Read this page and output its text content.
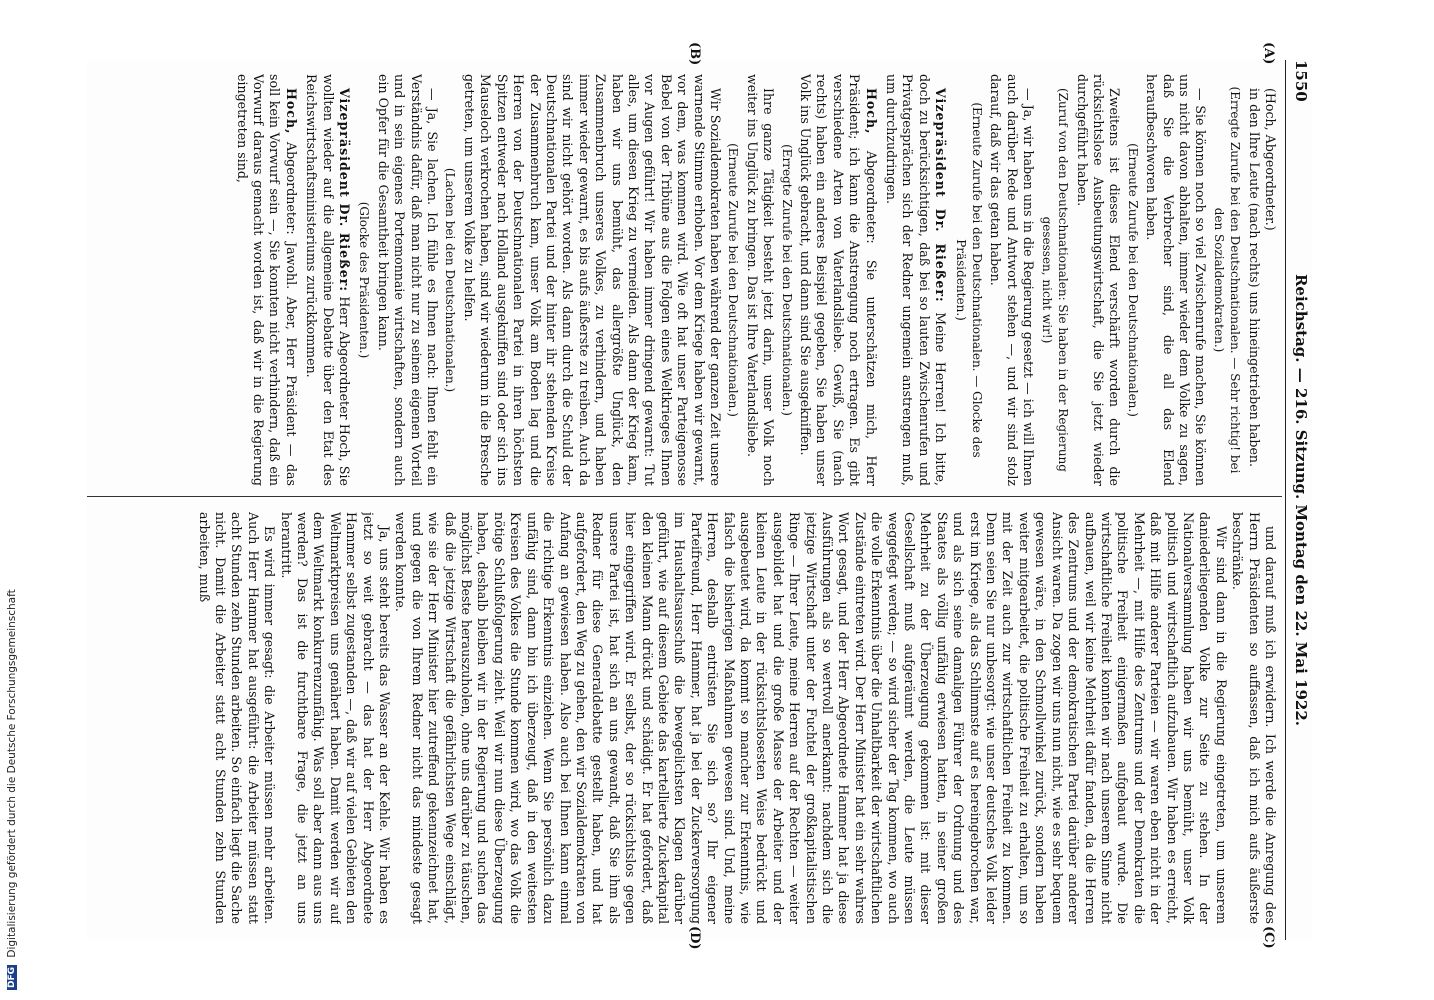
1550
Reichstag. — 216. Sitzung. Montag den 22. Mai 1922.
(A)
(B)
(C)
(D)

(Hoch, Abgeordneter.)

in den Ihre Leute (nach rechts) uns hineingetrieben haben.

(Erregte Zurufe bei den Deutschnationalen. — Sehr richtig! bei den Sozialdemokraten.)

— Sie können noch so viel Zwischenrufe machen, Sie können uns nicht davon abhalten, immer wieder dem Volke zu sagen, daß Sie die Verbrecher sind, die all das Elend heraufbeschworen haben.

(Erneute Zurufe bei den Deutschnationalen.)

Zweitens ist dieses Elend verschärft worden durch die rücksichtslose Ausbeutungswirtschaft, die Sie jetzt wieder durchgeführt haben.

(Zuruf von den Deutschnationalen: Sie haben in der Regierung gesessen, nicht wir!)

— Ja, wir haben uns in die Regierung gesetzt — ich will Ihnen auch darüber Rede und Antwort stehen —, und wir sind stolz darauf, daß wir das getan haben.

(Erneute Zurufe bei den Deutschnationalen. — Glocke des Präsidenten.)

Vizepräsident Dr. Rießer: Meine Herren! Ich bitte, doch zu berücksichtigen, daß bei so lauten Zwischenrufen und Privatgesprächen sich der Redner ungemein anstrengen muß, um durchzudringen.

Hoch, Abgeordneter: Sie unterschätzen mich, Herr Präsident; ich kann die Anstrengung noch ertragen. Es gibt verschiedene Arten von Vaterlandsliebe. Gewiß, Sie (nach rechts) haben ein anderes Beispiel gegeben, Sie haben unser Volk ins Unglück gebracht, und dann sind Sie ausgekniffen.

(Erregte Zurufe bei den Deutschnationalen.)

Ihre ganze Tätigkeit besteht jetzt darin, unser Volk noch weiter ins Unglück zu bringen. Das ist Ihre Vaterlandsliebe.

(Erneute Zurufe bei den Deutschnationalen.)

Wir Sozialdemokraten haben während der ganzen Zeit unsere warnende Stimme erhoben. Vor dem Kriege haben wir gewarnt, vor dem, was kommen wird. Wie oft hat unser Parteigenosse Bebel von der Tribüne aus die Folgen eines Weltkrieges Ihnen vor Augen geführt! Wir haben immer dringend gewarnt: Tut alles, um diesen Krieg zu vermeiden. Als dann der Krieg kam, haben wir uns bemüht, das allergrößte Unglück, den Zusammenbruch unseres Volkes, zu verhindern, und haben immer wieder gewarnt, es bis aufs äußerste zu treiben. Auch da sind wir nicht gehört worden. Als dann durch die Schuld der Deutschnationalen Partei und der hinter ihr stehenden Kreise der Zusammenbruch kam, unser Volk am Boden lag und die Herren von der Deutschnationalen Partei in ihren höchsten Spitzen entweder nach Holland ausgekniffen sind oder sich ins Mauseloch verkrochen haben, sind wir wiederum in die Bresche getreten, um unserem Volke zu helfen.

(Lachen bei den Deutschnationalen.)

— Ja, Sie lachen. Ich fühle es Ihnen nach: Ihnen fehlt ein Verständnis dafür, daß man nicht nur zu seinem eigenen Vorteil und in sein eigenes Portemonnaie wirtschaften, sondern auch ein Opfer für die Gesamtheit bringen kann.

(Glocke des Präsidenten.)

Vizepräsident Dr. Rießer: Herr Abgeordneter Hoch, Sie wollten wieder auf die allgemeine Debatte über den Etat des Reichswirtschaftsministeriums zurückkommen.

Hoch, Abgeordneter: Jawohl. Aber, Herr Präsident — das soll kein Vorwurf sein —, Sie konnten nicht verhindern, daß ein Vorwurf daraus gemacht worden ist, daß wir in die Regierung eingetreten sind,

und darauf muß ich erwidern. Ich werde die Anregung des Herrn Präsidenten so auffassen, daß ich mich aufs äußerste beschränke.

Wir sind dann in die Regierung eingetreten, um unserem daniederliegenden Volke zur Seite zu stehen. In der Nationalversammlung haben wir uns bemüht, unser Volk politisch und wirtschaftlich aufzubauen. Wir haben es erreicht, daß mit Hilfe anderer Parteien — wir waren eben nicht in der Mehrheit —, mit Hilfe des Zentrums und der Demokraten die politische Freiheit einigermaßen aufgebaut wurde. Die wirtschaftliche Freiheit konnten wir nach unserem Sinne nicht aufbauen, weil wir keine Mehrheit dafür fanden, da die Herren des Zentrums und der demokratischen Partei darüber anderer Ansicht waren. Da zogen wir uns nun nicht, wie es sehr bequem gewesen wäre, in den Schmollwinkel zurück, sondern haben weiter mitgearbeitet, die politische Freiheit zu erhalten, um so mit der Zeit auch zur wirtschaftlichen Freiheit zu kommen. Denn seien Sie nur unbesorgt: wie unser deutsches Volk leider erst im Kriege, als das Schlimmste auf es hereingebrochen war, und als sich seine damaligen Führer der Ordnung und des Staates als völlig unfähig erwiesen hatten, in seiner großen Mehrheit zu der Überzeugung gekommen ist: mit dieser Gesellschaft muß aufgeräumt werden, die Leute müssen weggefegt werden; — so wird sicher der Tag kommen, wo auch die volle Erkenntnis über die Unhaltbarkeit der wirtschaftlichen Zustände eintreten wird. Der Herr Minister hat ein sehr wahres Wort gesagt, und der Herr Abgeordnete Hammer hat ja diese Ausführungen als so wertvoll anerkannt: nachdem sich die jetzige Wirtschaft unter der Fuchtel der großkapitalistischen Ringe — Ihrer Leute, meine Herren auf der Rechten — weiter ausgebildet hat und die große Masse der Arbeiter und der kleinen Leute in der rücksichtslosesten Weise bedrückt und ausgebeutet wird, da kommt so mancher zur Erkenntnis, wie falsch die bisherigen Maßnahmen gewesen sind. Und, meine Herren, deshalb entrüsten Sie sich so? Ihr eigener Parteifreund, Herr Hammer, hat ja bei der Zuckerversorgung im Haushaltsausschuß die bewegelichsten Klagen darüber geführt, wie auf diesem Gebiete das kartellierte Zuckerkapital den kleinen Mann drückt und schädigt. Er hat gefordert, daß hier eingegriffen wird. Er selbst, der so rücksichtslos gegen unsere Partei ist, hat sich an uns gewandt, daß Sie ihm als Redner für diese Generaldebatte gestellt haben, und hat aufgefordert, den Weg zu gehen, den wir Sozialdemokraten von Anfang an gewiesen haben. Also auch bei Ihnen kann einmal die richtige Erkenntnis einziehen. Wenn Sie persönlich dazu unfähig sind, dann bin ich überzeugt, daß in den weitesten Kreisen des Volkes die Stunde kommen wird, wo das Volk die nötige Schlußfolgerung zieht. Weil wir nun diese Überzeugung haben, deshalb bleiben wir in der Regierung und suchen das möglichst Beste herauszuholen, ohne uns darüber zu täuschen, daß die jetzige Wirtschaft die gefährlichsten Wege einschlägt, wie sie der Herr Minister hier zutreffend gekennzeichnet hat, und gegen die von Ihrem Redner nicht das mindeste gesagt werden konnte.

Ja, uns steht bereits das Wasser an der Kehle. Wir haben es jetzt so weit gebracht — das hat der Herr Abgeordnete Hammer selbst zugestanden —, daß wir auf vielen Gebieten den Weltmarktpreisen uns genähert haben. Damit werden wir auf dem Weltmarkt konkurrenzunfähig. Was soll aber dann aus uns werden? Das ist die furchtbare Frage, die jetzt an uns herantritt.

Es wird immer gesagt: die Arbeiter müssen mehr arbeiten. Auch Herr Hammer hat ausgeführt: die Arbeiter müssen statt acht Stunden zehn Stunden arbeiten. So einfach liegt die Sache nicht. Damit die Arbeiter statt acht Stunden zehn Stunden arbeiten, muß

DFG Digitalisierung gefördert durch die Deutsche Forschungsgemeinschaft
